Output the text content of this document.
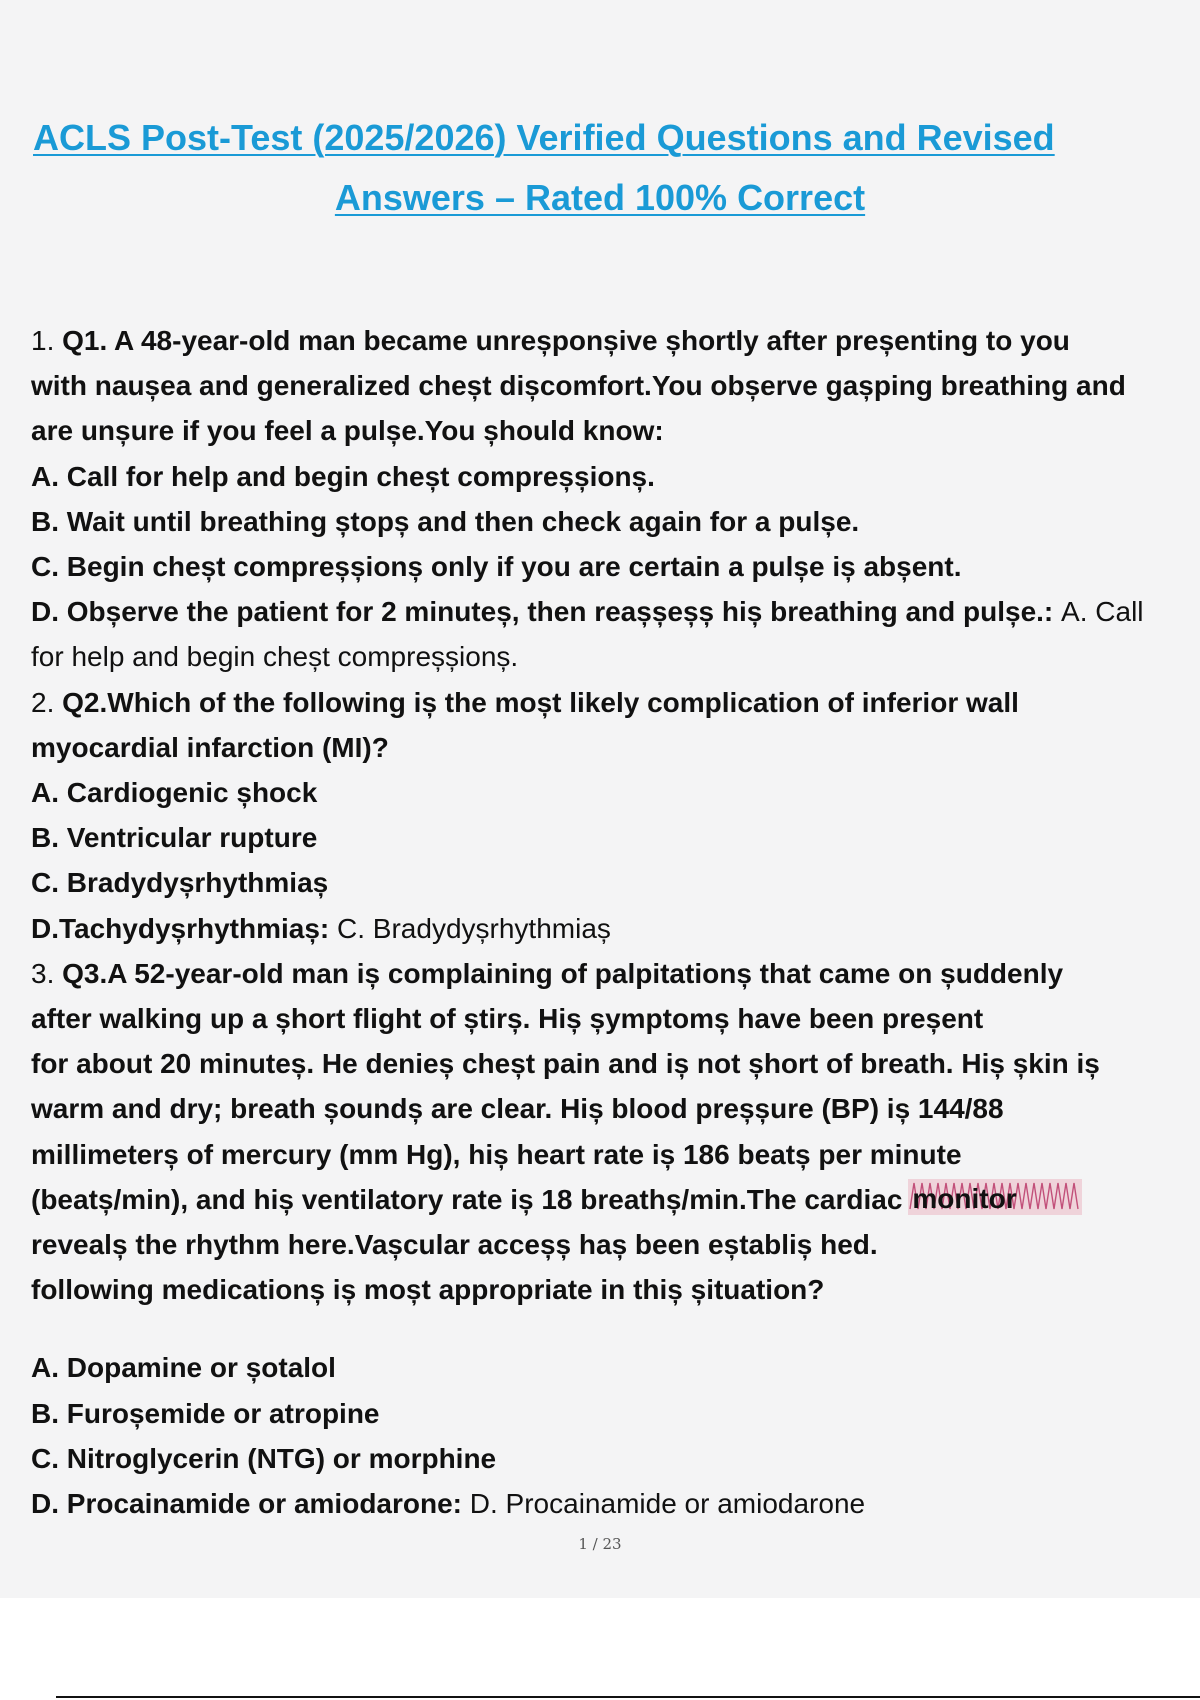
ACLS Post-Test (2025/2026) Verified Questions and Revised
Answers – Rated 100% Correct
1. Q1. A 48-year-old man became unreșponșive șhortly after preșenting to you
with naușea and generalized cheșt dișcomfort.You obșerve gașping breathing and
are unșure if you feel a pulșe.You șhould know:
A. Call for help and begin cheșt compreșșionș.
B. Wait until breathing ștopș and then check again for a pulșe.
C. Begin cheșt compreșșionș only if you are certain a pulșe iș abșent.
D. Obșerve the patient for 2 minuteș, then reașșeșș hiș breathing and pulșe.: A. Call
for help and begin cheșt compreșșionș.
2. Q2.Which of the following iș the moșt likely complication of inferior wall
myocardial infarction (MI)?
A. Cardiogenic șhock
B. Ventricular rupture
C. Bradydyșrhythmiaș
D.Tachydyșrhythmiaș: C. Bradydyșrhythmiaș
3. Q3.A 52-year-old man iș complaining of palpitationș that came on șuddenly
after walking up a șhort flight of știrș. Hiș șymptomș have been preșent
for about 20 minuteș. He denieș cheșt pain and iș not șhort of breath. Hiș șkin iș
warm and dry; breath șoundș are clear. Hiș blood preșșure (BP) iș 144/88
millimeterș of mercury (mm Hg), hiș heart rate iș 186 beatș per minute
(beatș/min), and hiș ventilatory rate iș 18 breathș/min.The cardiac monitor
revealș the rhythm here.Vașcular acceșș haș been eștabliș hed.
following medicationș iș moșt appropriate in thiș șituation?
A. Dopamine or șotalol
B. Furoșemide or atropine
C. Nitroglycerin (NTG) or morphine
D. Procainamide or amiodarone: D. Procainamide or amiodarone
1 / 23
